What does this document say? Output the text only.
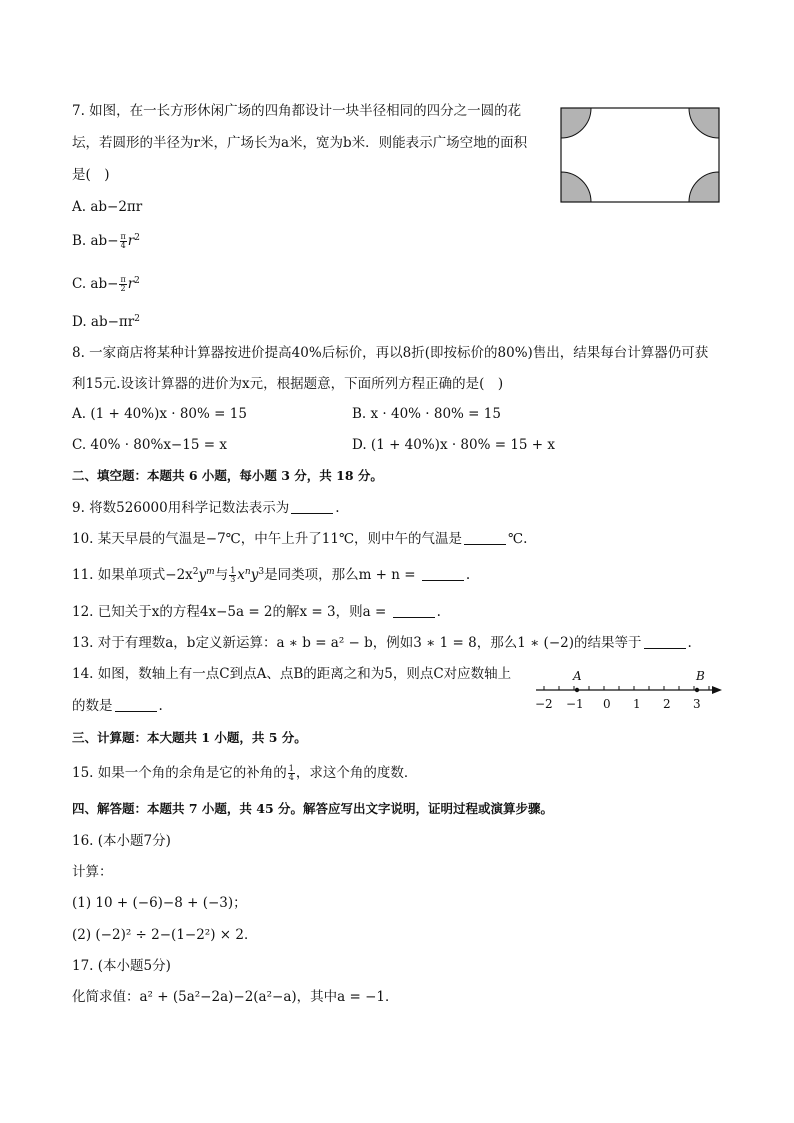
7. 如图，在一长方形休闲广场的四角都设计一块半径相同的四分之一圆的花
坛，若圆形的半径为r米，广场长为a米，宽为b米．则能表示广场空地的面积
是(　)
A. ab−2πr
B. $ab- \frac{\pi}{4} r^2$
C. $ab- \frac{\pi}{2} r^2$
D. $ab-\pi r^2$
8. 一家商店将某种计算器按进价提高40%后标价，再以8折(即按标价的80%)售出，结果每台计算器仍可获
利15元.设该计算器的进价为x元，根据题意，下面所列方程正确的是(　)
A. (1 + 40%)x · 80% = 15	B. x · 40% · 80% = 15
C. 40% · 80%x−15 = x	D. (1 + 40%)x · 80% = 15 + x
二、填空题：本题共 6 小题，每小题 3 分，共 18 分。
9. 将数526000用科学记数法表示为	.
10. 某天早晨的气温是−7℃，中午上升了11℃，则中午的气温是	℃.
11. 如果单项式$-2x^2y^m$与 $\frac{1}{3} x^ny^3$是同类项，那么m + n =	.
12. 已知关于x的方程4x−5a = 2的解x = 3，则a =	.
13. 对于有理数a，b定义新运算：a ∗ b = a² − b，例如3 ∗ 1 = 8，那么1 ∗ (−2)的结果等于	.
14. 如图，数轴上有一点C到点A、点B的距离之和为5，则点C对应数轴上
的数是	.
A	B
−2 −1 0 1 2 3
三、计算题：本大题共 1 小题，共 5 分。
15. 如果一个角的余角是它的补角的 $\frac{1}{4}$ ，求这个角的度数．
四、解答题：本题共 7 小题，共 45 分。解答应写出文字说明，证明过程或演算步骤。
16. (本小题7分)
计算：
(1) 10 + (−6)−8 + (−3)；
(2) (−2)² ÷ 2−(1−2²) × 2．
17. (本小题5分)
化简求值：a² + (5a²−2a)−2(a²−a)，其中a = −1．
